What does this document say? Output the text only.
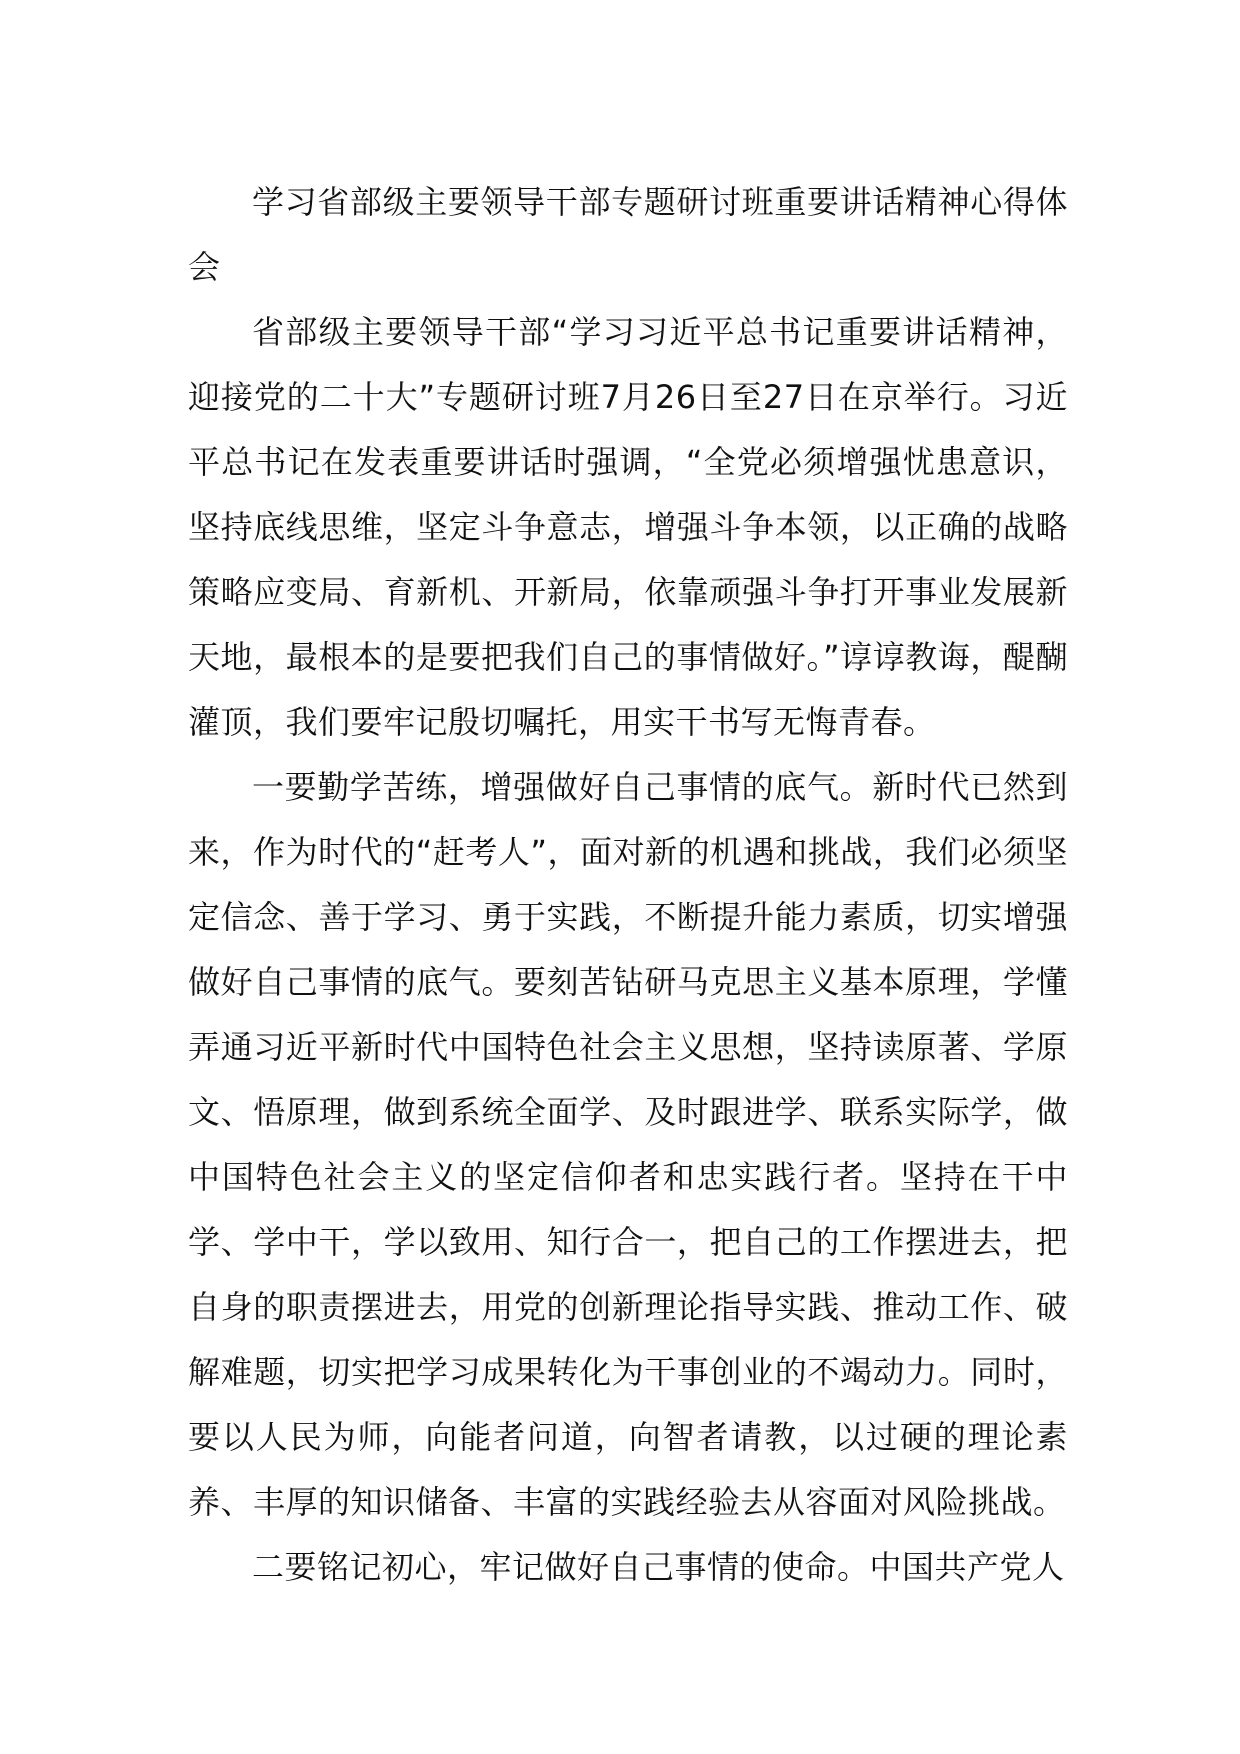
学习省部级主要领导干部专题研讨班重要讲话精神心得体会

省部级主要领导干部“学习习近平总书记重要讲话精神，迎接党的二十大”专题研讨班7月26日至27日在京举行。习近平总书记在发表重要讲话时强调，“全党必须增强忧患意识，坚持底线思维，坚定斗争意志，增强斗争本领，以正确的战略策略应变局、育新机、开新局，依靠顽强斗争打开事业发展新天地，最根本的是要把我们自己的事情做好。”谆谆教诲，醍醐灌顶，我们要牢记殷切嘱托，用实干书写无悔青春。

一要勤学苦练，增强做好自己事情的底气。新时代已然到来，作为时代的“赶考人”，面对新的机遇和挑战，我们必须坚定信念、善于学习、勇于实践，不断提升能力素质，切实增强做好自己事情的底气。要刻苦钻研马克思主义基本原理，学懂弄通习近平新时代中国特色社会主义思想，坚持读原著、学原文、悟原理，做到系统全面学、及时跟进学、联系实际学，做中国特色社会主义的坚定信仰者和忠实践行者。坚持在干中学、学中干，学以致用、知行合一，把自己的工作摆进去，把自身的职责摆进去，用党的创新理论指导实践、推动工作、破解难题，切实把学习成果转化为干事创业的不竭动力。同时，要以人民为师，向能者问道，向智者请教，以过硬的理论素养、丰厚的知识储备、丰富的实践经验去从容面对风险挑战。

二要铭记初心，牢记做好自己事情的使命。中国共产党人
